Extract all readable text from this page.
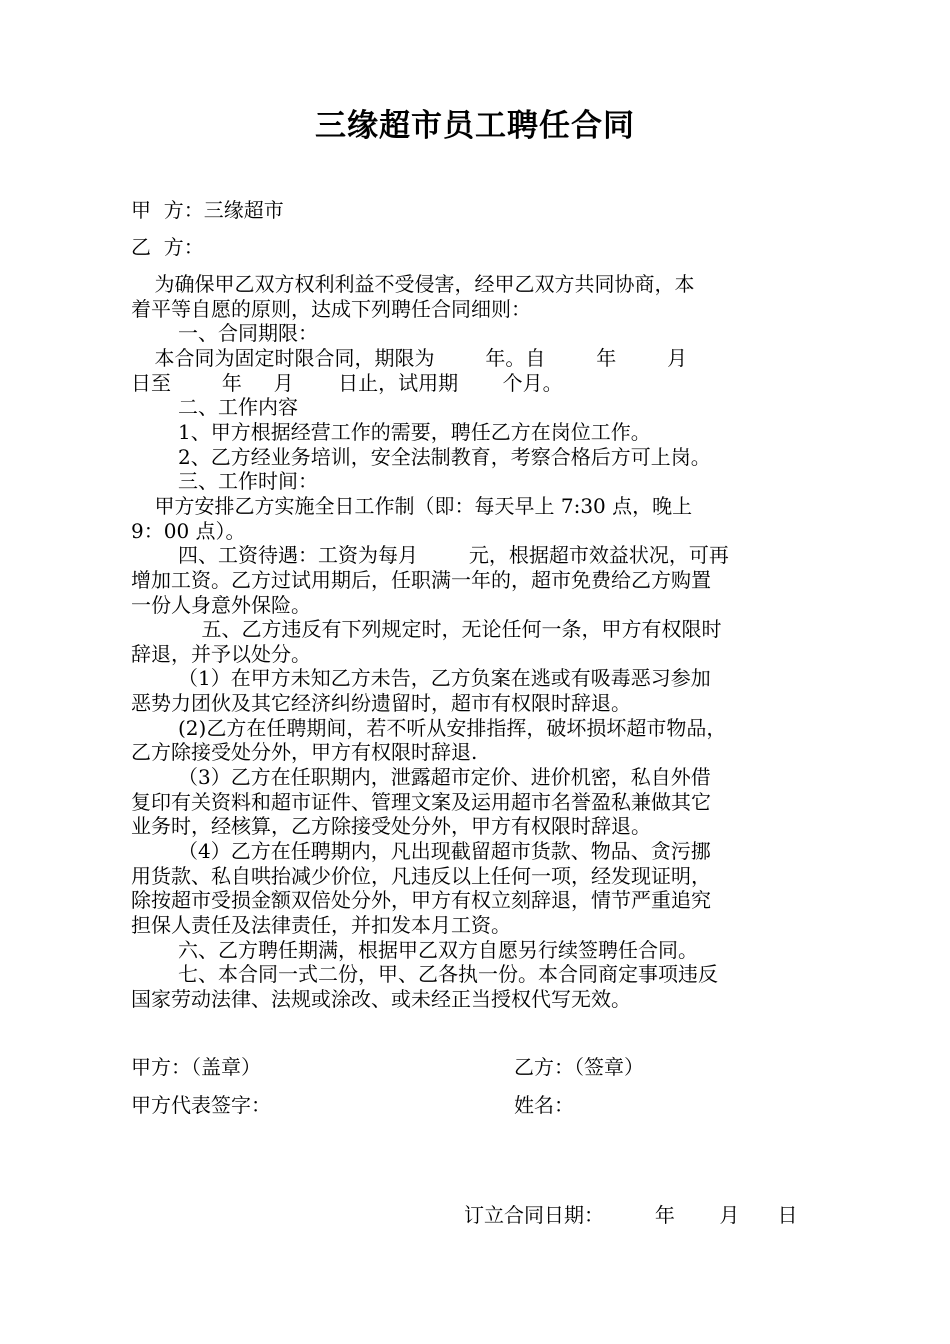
三缘超市员工聘任合同
甲  方：三缘超市
乙  方：
为确保甲乙双方权利利益不受侵害，经甲乙双方共同协商，本
着平等自愿的原则，达成下列聘任合同细则：
一、合同期限：
本合同为固定时限合同，期限为        年。自        年        月
日至        年     月       日止，试用期       个月。
二、工作内容
1、甲方根据经营工作的需要，聘任乙方在岗位工作。
2、乙方经业务培训，安全法制教育，考察合格后方可上岗。
三、工作时间：
甲方安排乙方实施全日工作制（即：每天早上 7:30 点，晚上
9：00 点）。
四、工资待遇：工资为每月        元，根据超市效益状况，可再
增加工资。乙方过试用期后，任职满一年的，超市免费给乙方购置
一份人身意外保险。
五、乙方违反有下列规定时，无论任何一条，甲方有权限时
辞退，并予以处分。
（1）在甲方未知乙方未告，乙方负案在逃或有吸毒恶习参加
恶势力团伙及其它经济纠纷遗留时，超市有权限时辞退。
(2)乙方在任聘期间，若不听从安排指挥，破坏损坏超市物品，
乙方除接受处分外，甲方有权限时辞退.
（3）乙方在任职期内，泄露超市定价、进价机密，私自外借
复印有关资料和超市证件、管理文案及运用超市名誉盈私兼做其它
业务时，经核算，乙方除接受处分外，甲方有权限时辞退。
（4）乙方在任聘期内，凡出现截留超市货款、物品、贪污挪
用货款、私自哄抬减少价位，凡违反以上任何一项，经发现证明，
除按超市受损金额双倍处分外，甲方有权立刻辞退，情节严重追究
担保人责任及法律责任，并扣发本月工资。
六、乙方聘任期满，根据甲乙双方自愿另行续签聘任合同。
七、本合同一式二份，甲、乙各执一份。本合同商定事项违反
国家劳动法律、法规或涂改、或未经正当授权代写无效。
甲方：（盖章）	乙方：（签章）
甲方代表签字：	姓名：
订立合同日期：        年       月      日
